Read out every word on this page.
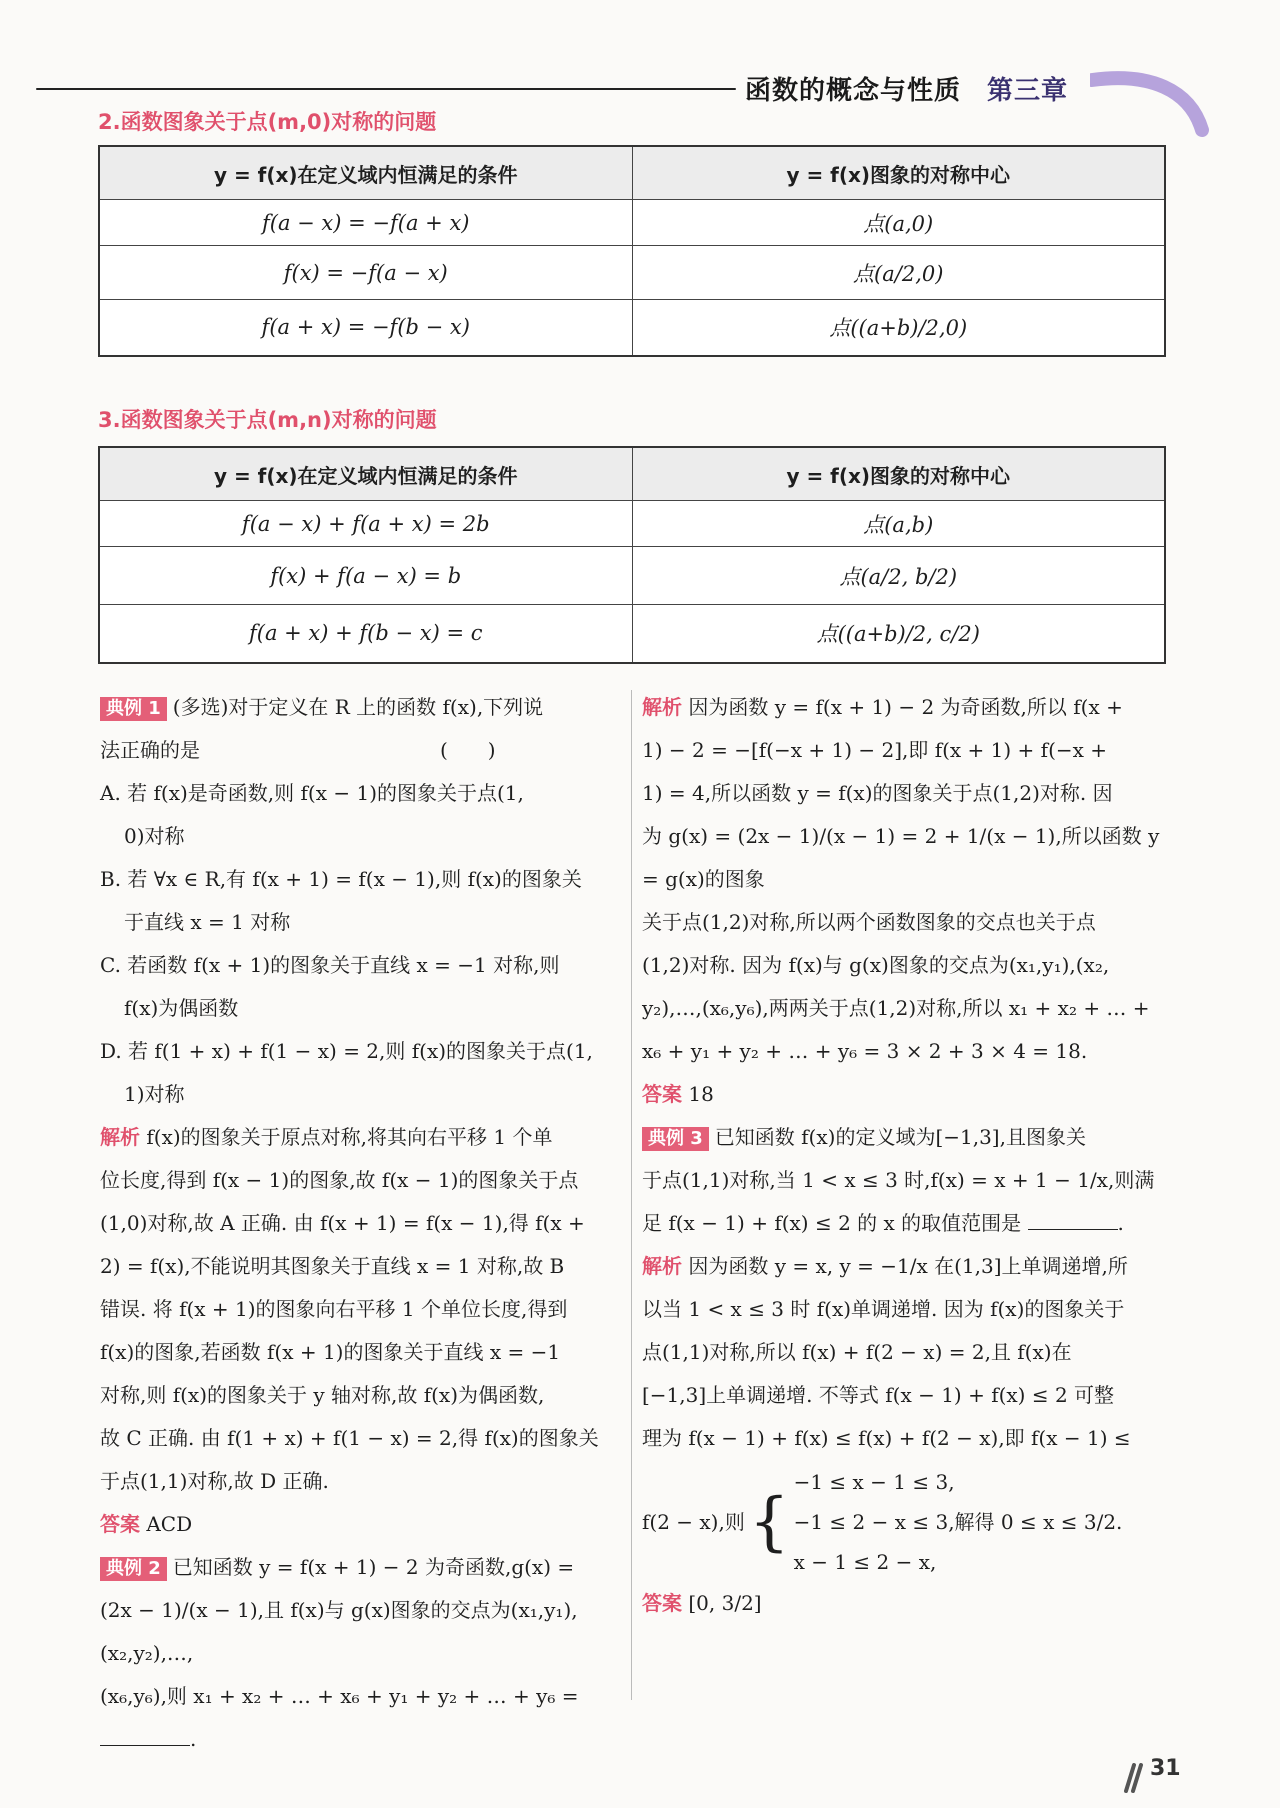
函数的概念与性质 第三章
2.函数图象关于点(m,0)对称的问题
y = f(x)在定义域内恒满足的条件	y = f(x)图象的对称中心
f(a − x) = −f(a + x)	点(a,0)
f(x) = −f(a − x)	点(a/2,0)
f(a + x) = −f(b − x)	点((a+b)/2,0)
3.函数图象关于点(m,n)对称的问题
y = f(x)在定义域内恒满足的条件	y = f(x)图象的对称中心
f(a − x) + f(a + x) = 2b	点(a,b)
f(x) + f(a − x) = b	点(a/2, b/2)
f(a + x) + f(b − x) = c	点((a+b)/2, c/2)

典例 1 (多选)对于定义在 R 上的函数 f(x),下列说

法正确的是　　　　　　　　　　　　(　　)

A. 若 f(x)是奇函数,则 f(x − 1)的图象关于点(1,

0)对称

B. 若 ∀x ∈ R,有 f(x + 1) = f(x − 1),则 f(x)的图象关

于直线 x = 1 对称

C. 若函数 f(x + 1)的图象关于直线 x = −1 对称,则

f(x)为偶函数

D. 若 f(1 + x) + f(1 − x) = 2,则 f(x)的图象关于点(1,

1)对称

解析 f(x)的图象关于原点对称,将其向右平移 1 个单

位长度,得到 f(x − 1)的图象,故 f(x − 1)的图象关于点

(1,0)对称,故 A 正确. 由 f(x + 1) = f(x − 1),得 f(x +

2) = f(x),不能说明其图象关于直线 x = 1 对称,故 B

错误. 将 f(x + 1)的图象向右平移 1 个单位长度,得到

f(x)的图象,若函数 f(x + 1)的图象关于直线 x = −1

对称,则 f(x)的图象关于 y 轴对称,故 f(x)为偶函数,

故 C 正确. 由 f(1 + x) + f(1 − x) = 2,得 f(x)的图象关

于点(1,1)对称,故 D 正确.

答案 ACD

典例 2 已知函数 y = f(x + 1) − 2 为奇函数,g(x) =

(2x − 1)/(x − 1),且 f(x)与 g(x)图象的交点为(x₁,y₁),(x₂,y₂),…,

(x₆,y₆),则 x₁ + x₂ + … + x₆ + y₁ + y₂ + … + y₆ = .

解析 因为函数 y = f(x + 1) − 2 为奇函数,所以 f(x +

1) − 2 = −[f(−x + 1) − 2],即 f(x + 1) + f(−x +

1) = 4,所以函数 y = f(x)的图象关于点(1,2)对称. 因

为 g(x) = (2x − 1)/(x − 1) = 2 + 1/(x − 1),所以函数 y = g(x)的图象

关于点(1,2)对称,所以两个函数图象的交点也关于点

(1,2)对称. 因为 f(x)与 g(x)图象的交点为(x₁,y₁),(x₂,

y₂),…,(x₆,y₆),两两关于点(1,2)对称,所以 x₁ + x₂ + … +

x₆ + y₁ + y₂ + … + y₆ = 3 × 2 + 3 × 4 = 18.

答案 18

典例 3 已知函数 f(x)的定义域为[−1,3],且图象关

于点(1,1)对称,当 1 < x ≤ 3 时,f(x) = x + 1 − 1/x,则满

足 f(x − 1) + f(x) ≤ 2 的 x 的取值范围是	.

解析 因为函数 y = x, y = −1/x 在(1,3]上单调递增,所

以当 1 < x ≤ 3 时 f(x)单调递增. 因为 f(x)的图象关于

点(1,1)对称,所以 f(x) + f(2 − x) = 2,且 f(x)在

[−1,3]上单调递增. 不等式 f(x − 1) + f(x) ≤ 2 可整

理为 f(x − 1) + f(x) ≤ f(x) + f(2 − x),即 f(x − 1) ≤

f(2 − x),则 {
−1 ≤ x − 1 ≤ 3,
−1 ≤ 2 − x ≤ 3,解得 0 ≤ x ≤ 3/2.
x − 1 ≤ 2 − x,

答案 [0, 3/2]

31
